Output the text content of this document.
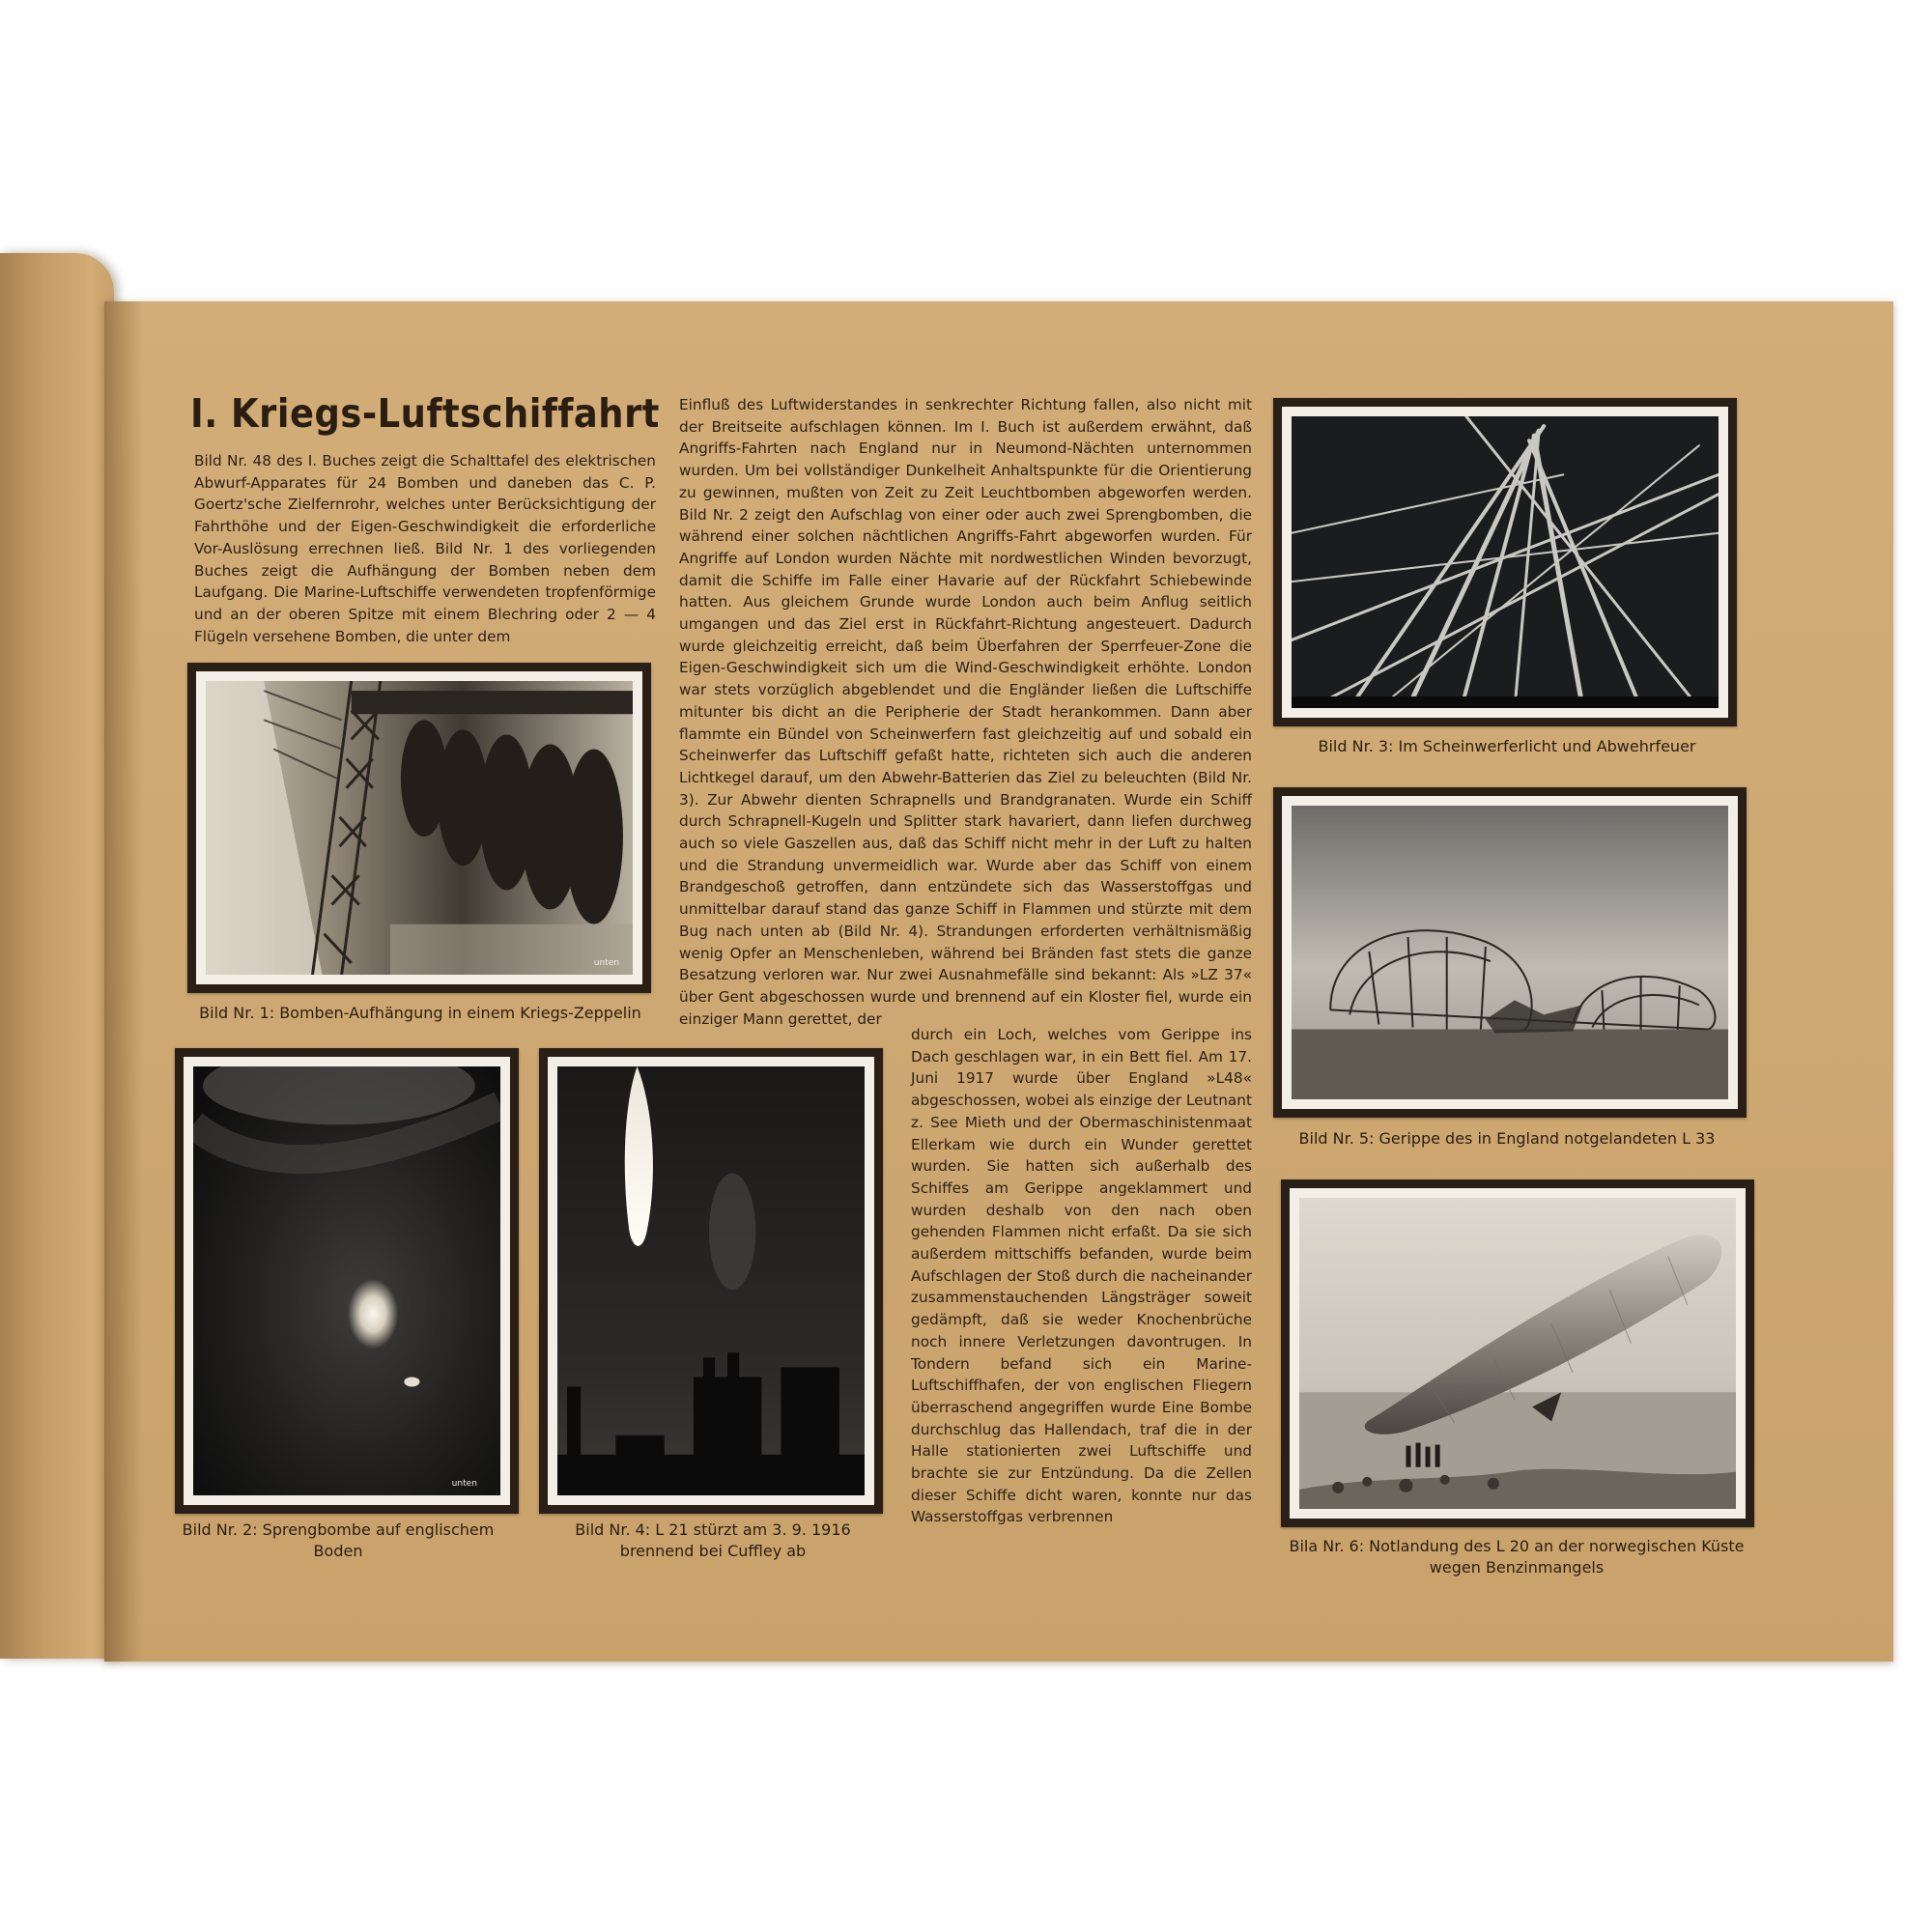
I. Kriegs-Luftschiffahrt

Bild Nr. 48 des I. Buches zeigt die Schalttafel des elektrischen Abwurf-Apparates für 24 Bomben und daneben das C. P. Goertz'sche Zielfernrohr, welches unter Berücksichtigung der Fahrthöhe und der Eigen-Geschwindigkeit die erforderliche Vor-Auslösung errechnen ließ. Bild Nr. 1 des vorliegenden Buches zeigt die Aufhängung der Bomben neben dem Laufgang. Die Marine-Luftschiffe verwendeten tropfenförmige und an der oberen Spitze mit einem Blechring oder 2 — 4 Flügeln versehene Bomben, die unter dem

Einfluß des Luftwiderstandes in senkrechter Richtung fallen, also nicht mit der Breitseite aufschlagen können. Im I. Buch ist außerdem erwähnt, daß Angriffs-Fahrten nach England nur in Neumond-Nächten unternommen wurden. Um bei vollständiger Dunkelheit Anhaltspunkte für die Orientierung zu gewinnen, mußten von Zeit zu Zeit Leuchtbomben abgeworfen werden. Bild Nr. 2 zeigt den Aufschlag von einer oder auch zwei Sprengbomben, die während einer solchen nächtlichen Angriffs-Fahrt abgeworfen wurden. Für Angriffe auf London wurden Nächte mit nordwestlichen Winden bevorzugt, damit die Schiffe im Falle einer Havarie auf der Rückfahrt Schiebewinde hatten. Aus gleichem Grunde wurde London auch beim Anflug seitlich umgangen und das Ziel erst in Rückfahrt-Richtung angesteuert. Dadurch wurde gleichzeitig erreicht, daß beim Überfahren der Sperrfeuer-Zone die Eigen-Geschwindigkeit sich um die Wind-Geschwindigkeit erhöhte. London war stets vorzüglich abgeblendet und die Engländer ließen die Luftschiffe mitunter bis dicht an die Peripherie der Stadt herankommen. Dann aber flammte ein Bündel von Scheinwerfern fast gleichzeitig auf und sobald ein Scheinwerfer das Luftschiff gefaßt hatte, richteten sich auch die anderen Lichtkegel darauf, um den Abwehr-Batterien das Ziel zu beleuchten (Bild Nr. 3). Zur Abwehr dienten Schrapnells und Brandgranaten. Wurde ein Schiff durch Schrapnell-Kugeln und Splitter stark havariert, dann liefen durchweg auch so viele Gaszellen aus, daß das Schiff nicht mehr in der Luft zu halten und die Strandung unvermeidlich war. Wurde aber das Schiff von einem Brandgeschoß getroffen, dann entzündete sich das Wasserstoffgas und unmittelbar darauf stand das ganze Schiff in Flammen und stürzte mit dem Bug nach unten ab (Bild Nr. 4). Strandungen erforderten verhältnismäßig wenig Opfer an Menschenleben, während bei Bränden fast stets die ganze Besatzung verloren war. Nur zwei Ausnahmefälle sind bekannt: Als »LZ 37« über Gent abgeschossen wurde und brennend auf ein Kloster fiel, wurde ein einziger Mann gerettet, der

durch ein Loch, welches vom Gerippe ins Dach geschlagen war, in ein Bett fiel. Am 17. Juni 1917 wurde über England »L48« abgeschossen, wobei als einzige der Leutnant z. See Mieth und der Obermaschinistenmaat Ellerkam wie durch ein Wunder gerettet wurden. Sie hatten sich außerhalb des Schiffes am Gerippe angeklammert und wurden deshalb von den nach oben gehenden Flammen nicht erfaßt. Da sie sich außerdem mittschiffs befanden, wurde beim Aufschlagen der Stoß durch die nacheinander zusammenstauchenden Längsträger soweit gedämpft, daß sie weder Knochenbrüche noch innere Verletzungen davontrugen. In Tondern befand sich ein Marine-Luftschiffhafen, der von englischen Fliegern überraschend angegriffen wurde Eine Bombe durchschlug das Hallendach, traf die in der Halle stationierten zwei Luftschiffe und brachte sie zur Entzündung. Da die Zellen dieser Schiffe dicht waren, konnte nur das Wasserstoffgas verbrennen

unten

Bild Nr. 1: Bomben-Aufhängung in einem Kriegs-Zeppelin

unten

Bild Nr. 2: Sprengbombe auf englischem

Boden

Bild Nr. 4: L 21 stürzt am 3. 9. 1916

brennend bei Cuffley ab

Bild Nr. 3: Im Scheinwerferlicht und Abwehrfeuer

Bild Nr. 5: Gerippe des in England notgelandeten L 33

Bila Nr. 6: Notlandung des L 20 an der norwegischen Küste

wegen Benzinmangels
